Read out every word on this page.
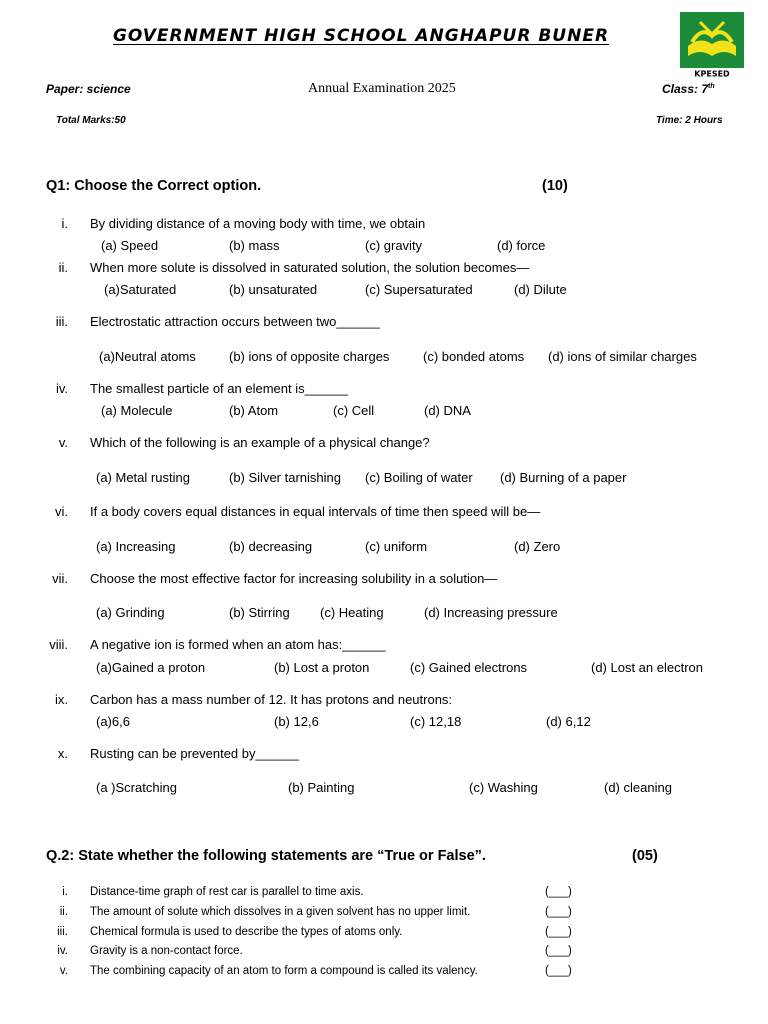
GOVERNMENT HIGH SCHOOL ANGHAPUR BUNER
KPESED
Paper: science	Annual Examination 2025	Class: 7th
Total Marks:50	Time: 2 Hours
Q1: Choose the Correct option.	(10)
i. By dividing distance of a moving body with time, we obtain
(a) Speed	(b) mass	(c) gravity	(d) force
ii. When more solute is dissolved in saturated solution, the solution becomes—
(a)Saturated	(b) unsaturated	(c) Supersaturated	(d) Dilute
iii. Electrostatic attraction occurs between two______
(a)Neutral atoms	(b) ions of opposite charges	(c) bonded atoms (d) ions of similar charges
iv. The smallest particle of an element is______
(a) Molecule	(b) Atom	(c) Cell	(d) DNA
v. Which of the following is an example of a physical change?
(a) Metal rusting	(b) Silver tarnishing (c) Boiling of water (d) Burning of a paper
vi. If a body covers equal distances in equal intervals of time then speed will be—
(a) Increasing	(b) decreasing	(c) uniform	(d) Zero
vii. Choose the most effective factor for increasing solubility in a solution—
(a) Grinding	(b) Stirring (c) Heating	(d) Increasing pressure
viii. A negative ion is formed when an atom has:______
(a)Gained a proton	(b) Lost a proton	(c) Gained electrons	(d) Lost an electron
ix. Carbon has a mass number of 12. It has protons and neutrons:
(a)6,6	(b) 12,6	(c) 12,18	(d) 6,12
x. Rusting can be prevented by______
(a )Scratching	(b) Painting	(c) Washing	(d) cleaning
Q.2: State whether the following statements are “True or False”.	(05)
i. Distance-time graph of rest car is parallel to time axis.	(___)
ii. The amount of solute which dissolves in a given solvent has no upper limit.	(___)
iii. Chemical formula is used to describe the types of atoms only.	(___)
iv. Gravity is a non-contact force.	(___)
v. The combining capacity of an atom to form a compound is called its valency.	(___)
